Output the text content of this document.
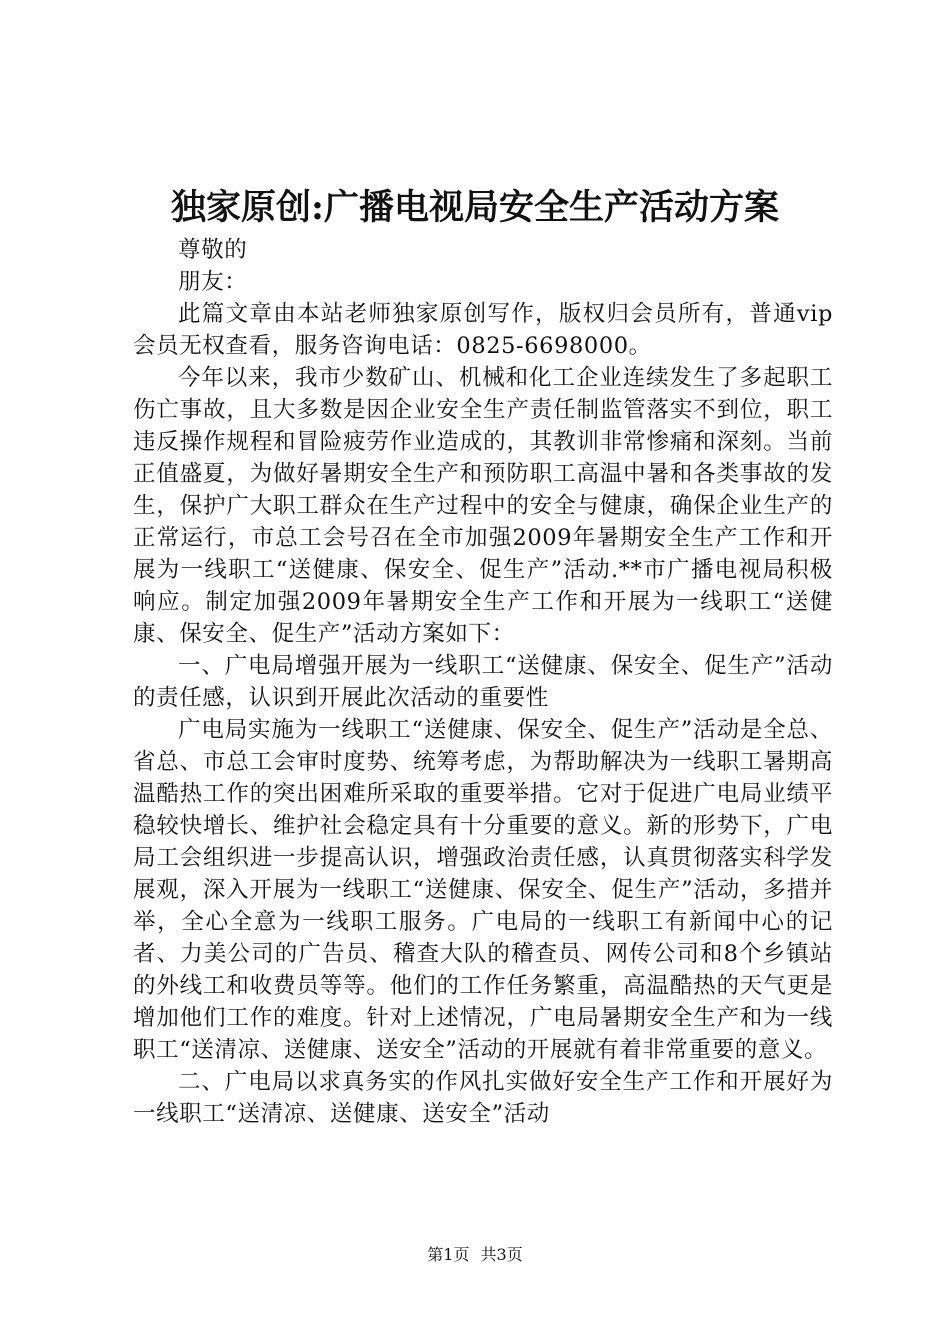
独家原创:广播电视局安全生产活动方案

尊敬的

朋友：

此篇文章由本站老师独家原创写作，版权归会员所有，普通vip会员无权查看，服务咨询电话：0825-6698000。

今年以来，我市少数矿山、机械和化工企业连续发生了多起职工伤亡事故，且大多数是因企业安全生产责任制监管落实不到位，职工违反操作规程和冒险疲劳作业造成的，其教训非常惨痛和深刻。当前正值盛夏，为做好暑期安全生产和预防职工高温中暑和各类事故的发生，保护广大职工群众在生产过程中的安全与健康，确保企业生产的正常运行，市总工会号召在全市加强2009年暑期安全生产工作和开展为一线职工“送健康、保安全、促生产”活动.**市广播电视局积极响应。制定加强2009年暑期安全生产工作和开展为一线职工“送健康、保安全、促生产”活动方案如下：

一、广电局增强开展为一线职工“送健康、保安全、促生产”活动的责任感，认识到开展此次活动的重要性

广电局实施为一线职工“送健康、保安全、促生产”活动是全总、省总、市总工会审时度势、统筹考虑，为帮助解决为一线职工暑期高温酷热工作的突出困难所采取的重要举措。它对于促进广电局业绩平稳较快增长、维护社会稳定具有十分重要的意义。新的形势下，广电局工会组织进一步提高认识，增强政治责任感，认真贯彻落实科学发展观，深入开展为一线职工“送健康、保安全、促生产”活动，多措并举，全心全意为一线职工服务。广电局的一线职工有新闻中心的记者、力美公司的广告员、稽查大队的稽查员、网传公司和8个乡镇站的外线工和收费员等等。他们的工作任务繁重，高温酷热的天气更是增加他们工作的难度。针对上述情况，广电局暑期安全生产和为一线职工“送清凉、送健康、送安全”活动的开展就有着非常重要的意义。

二、广电局以求真务实的作风扎实做好安全生产工作和开展好为一线职工“送清凉、送健康、送安全”活动

第1页 共3页
